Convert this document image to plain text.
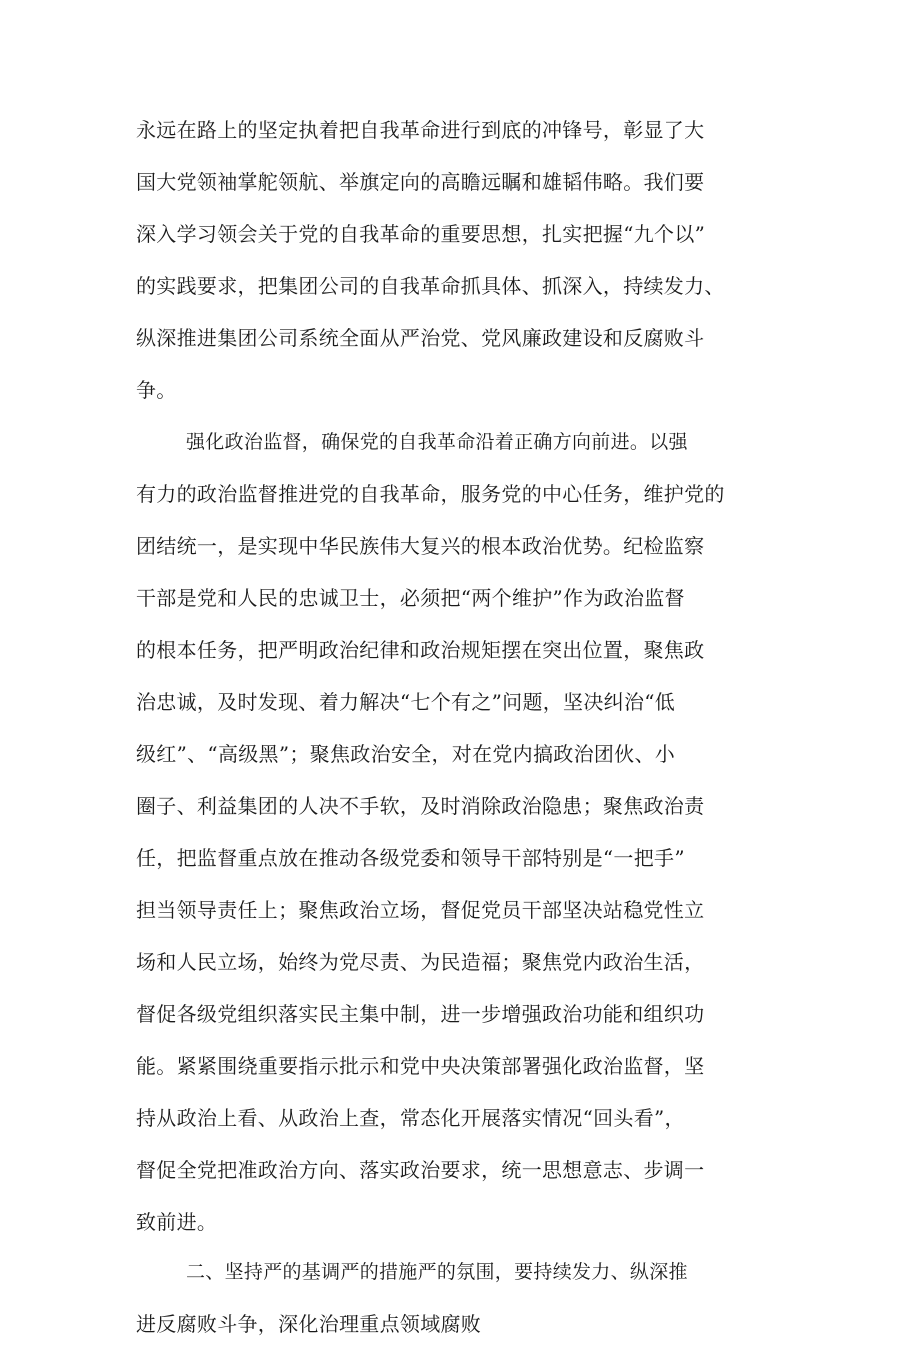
永远在路上的坚定执着把自我革命进行到底的冲锋号，彰显了大
国大党领袖掌舵领航、举旗定向的高瞻远瞩和雄韬伟略。我们要
深入学习领会关于党的自我革命的重要思想，扎实把握“九个以”
的实践要求，把集团公司的自我革命抓具体、抓深入，持续发力、
纵深推进集团公司系统全面从严治党、党风廉政建设和反腐败斗
争。
强化政治监督，确保党的自我革命沿着正确方向前进。以强
有力的政治监督推进党的自我革命，服务党的中心任务，维护党的
团结统一，是实现中华民族伟大复兴的根本政治优势。纪检监察
干部是党和人民的忠诚卫士，必须把“两个维护”作为政治监督
的根本任务，把严明政治纪律和政治规矩摆在突出位置，聚焦政
治忠诚，及时发现、着力解决“七个有之”问题，坚决纠治“低
级红”、“高级黑”；聚焦政治安全，对在党内搞政治团伙、小
圈子、利益集团的人决不手软，及时消除政治隐患；聚焦政治责
任，把监督重点放在推动各级党委和领导干部特别是“一把手”
担当领导责任上；聚焦政治立场，督促党员干部坚决站稳党性立
场和人民立场，始终为党尽责、为民造福；聚焦党内政治生活，
督促各级党组织落实民主集中制，进一步增强政治功能和组织功
能。紧紧围绕重要指示批示和党中央决策部署强化政治监督，坚
持从政治上看、从政治上查，常态化开展落实情况“回头看”，
督促全党把准政治方向、落实政治要求，统一思想意志、步调一
致前进。
二、坚持严的基调严的措施严的氛围，要持续发力、纵深推
进反腐败斗争，深化治理重点领域腐败
